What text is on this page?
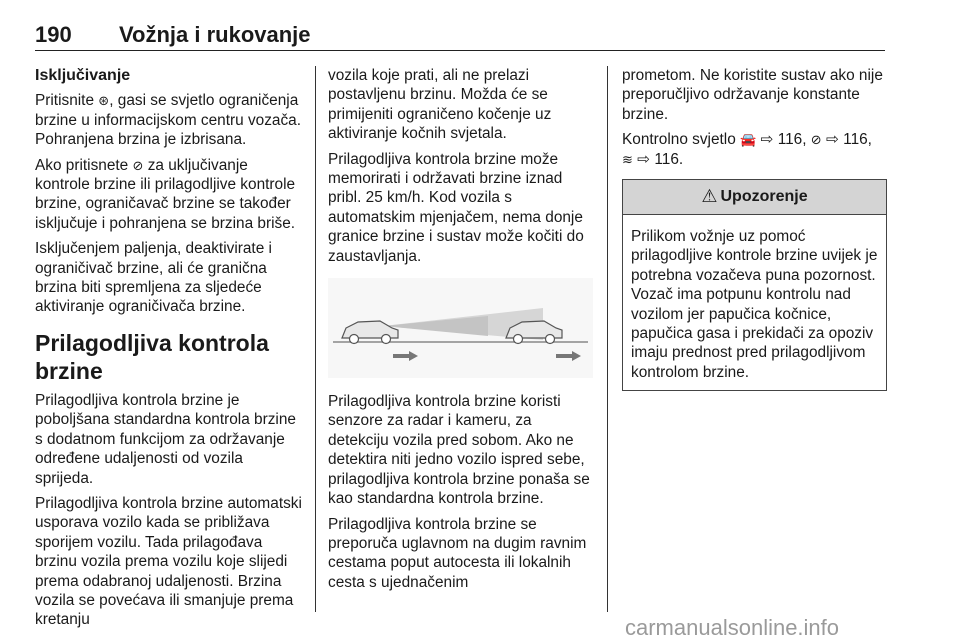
190 Vožnja i rukovanje
Isključivanje

Pritisnite ⊛, gasi se svjetlo ograničenja brzine u informacijskom centru vozača. Pohranjena brzina je izbrisana.

Ako pritisnete ⊘ za uključivanje kontrole brzine ili prilagodljive kontrole brzine, ograničavač brzine se također isključuje i pohranjena se brzina briše.

Isključenjem paljenja, deaktivirate i ograničivač brzine, ali će granična brzina biti spremljena za sljedeće aktiviranje ograničivača brzine.

Prilagodljiva kontrola brzine

Prilagodljiva kontrola brzine je poboljšana standardna kontrola brzine s dodatnom funkcijom za održavanje određene udaljenosti od vozila sprijeda.

Prilagodljiva kontrola brzine automatski usporava vozilo kada se približava sporijem vozilu. Tada prilagođava brzinu vozila prema vozilu koje slijedi prema odabranoj udaljenosti. Brzina vozila se povećava ili smanjuje prema kretanju

vozila koje prati, ali ne prelazi postavljenu brzinu. Možda će se primijeniti ograničeno kočenje uz aktiviranje kočnih svjetala.

Prilagodljiva kontrola brzine može memorirati i održavati brzine iznad pribl. 25 km/h. Kod vozila s automatskim mjenjačem, nema donje granice brzine i sustav može kočiti do zaustavljanja.

Prilagodljiva kontrola brzine koristi senzore za radar i kameru, za detekciju vozila pred sobom. Ako ne detektira niti jedno vozilo ispred sebe, prilagodljiva kontrola brzine ponaša se kao standardna kontrola brzine.

Prilagodljiva kontrola brzine se preporuča uglavnom na dugim ravnim cestama poput autocesta ili lokalnih cesta s ujednačenim

prometom. Ne koristite sustav ako nije preporučljivo održavanje konstante brzine.

Kontrolno svjetlo 🚘 ⇨ 116, ⊘ ⇨ 116,
≋ ⇨ 116.

⚠ Upozorenje
Prilikom vožnje uz pomoć prilagodljive kontrole brzine uvijek je potrebna vozačeva puna pozornost. Vozač ima potpunu kontrolu nad vozilom jer papučica kočnice, papučica gasa i prekidači za opoziv imaju prednost pred prilagodljivom kontrolom brzine.
carmanualsonline.info
